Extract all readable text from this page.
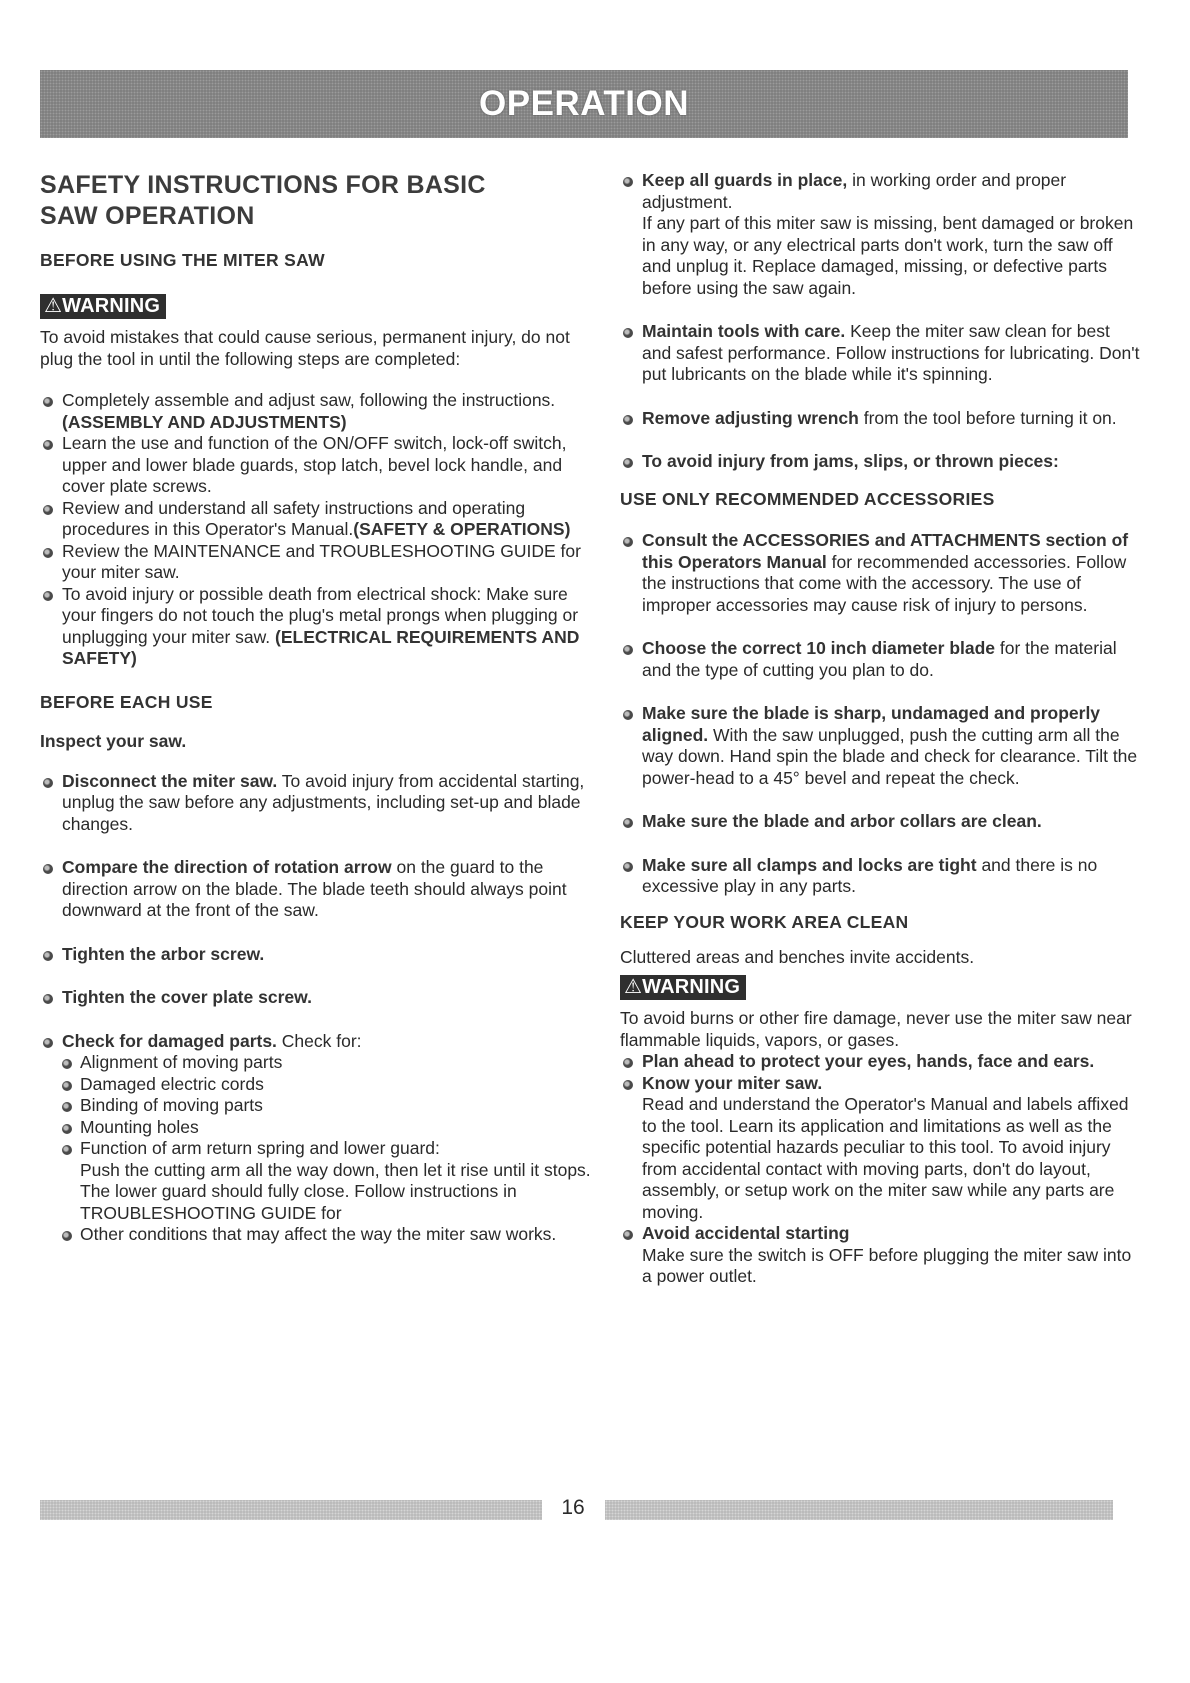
OPERATION
SAFETY INSTRUCTIONS FOR BASIC
SAW OPERATION
BEFORE USING THE MITER SAW
⚠WARNING
To avoid mistakes that could cause serious, permanent injury, do not plug the tool in until the following steps are completed:
Completely assemble and adjust saw, following the instructions. (ASSEMBLY AND ADJUSTMENTS)
Learn the use and function of the ON/OFF switch, lock-off switch, upper and lower blade guards, stop latch, bevel lock handle, and cover plate screws.
Review and understand all safety instructions and operating procedures in this Operator's Manual.(SAFETY & OPERATIONS)
Review the MAINTENANCE and TROUBLESHOOTING GUIDE for your miter saw.
To avoid injury or possible death from electrical shock: Make sure your fingers do not touch the plug's metal prongs when plugging or unplugging your miter saw. (ELECTRICAL REQUIREMENTS AND SAFETY)
BEFORE EACH USE
Inspect your saw.
Disconnect the miter saw. To avoid injury from accidental starting, unplug the saw before any adjustments, including set-up and blade changes.
Compare the direction of rotation arrow on the guard to the direction arrow on the blade. The blade teeth should always point downward at the front of the saw.
Tighten the arbor screw.
Tighten the cover plate screw.
Check for damaged parts. Check for:
Alignment of moving parts
Damaged electric cords
Binding of moving parts
Mounting holes
Function of arm return spring and lower guard:
Push the cutting arm all the way down, then let it rise until it stops. The lower guard should fully close. Follow instructions in TROUBLESHOOTING GUIDE for
Other conditions that may affect the way the miter saw works.
Keep all guards in place, in working order and proper adjustment.
If any part of this miter saw is missing, bent damaged or broken in any way, or any electrical parts don't work, turn the saw off and unplug it. Replace damaged, missing, or defective parts before using the saw again.
Maintain tools with care. Keep the miter saw clean for best and safest performance. Follow instructions for lubricating. Don't put lubricants on the blade while it's spinning.
Remove adjusting wrench from the tool before turning it on.
To avoid injury from jams, slips, or thrown pieces:
USE ONLY RECOMMENDED ACCESSORIES
Consult the ACCESSORIES and ATTACHMENTS section of this Operators Manual for recommended accessories. Follow the instructions that come with the accessory. The use of improper accessories may cause risk of injury to persons.
Choose the correct 10 inch diameter blade for the material and the type of cutting you plan to do.
Make sure the blade is sharp, undamaged and properly aligned. With the saw unplugged, push the cutting arm all the way down. Hand spin the blade and check for clearance. Tilt the power-head to a 45° bevel and repeat the check.
Make sure the blade and arbor collars are clean.
Make sure all clamps and locks are tight and there is no excessive play in any parts.
KEEP YOUR WORK AREA CLEAN
Cluttered areas and benches invite accidents.
⚠WARNING
To avoid burns or other fire damage, never use the miter saw near flammable liquids, vapors, or gases.
Plan ahead to protect your eyes, hands, face and ears.
Know your miter saw.
Read and understand the Operator's Manual and labels affixed to the tool. Learn its application and limitations as well as the specific potential hazards peculiar to this tool. To avoid injury from accidental contact with moving parts, don't do layout, assembly, or setup work on the miter saw while any parts are moving.
Avoid accidental starting
Make sure the switch is OFF before plugging the miter saw into a power outlet.
16
